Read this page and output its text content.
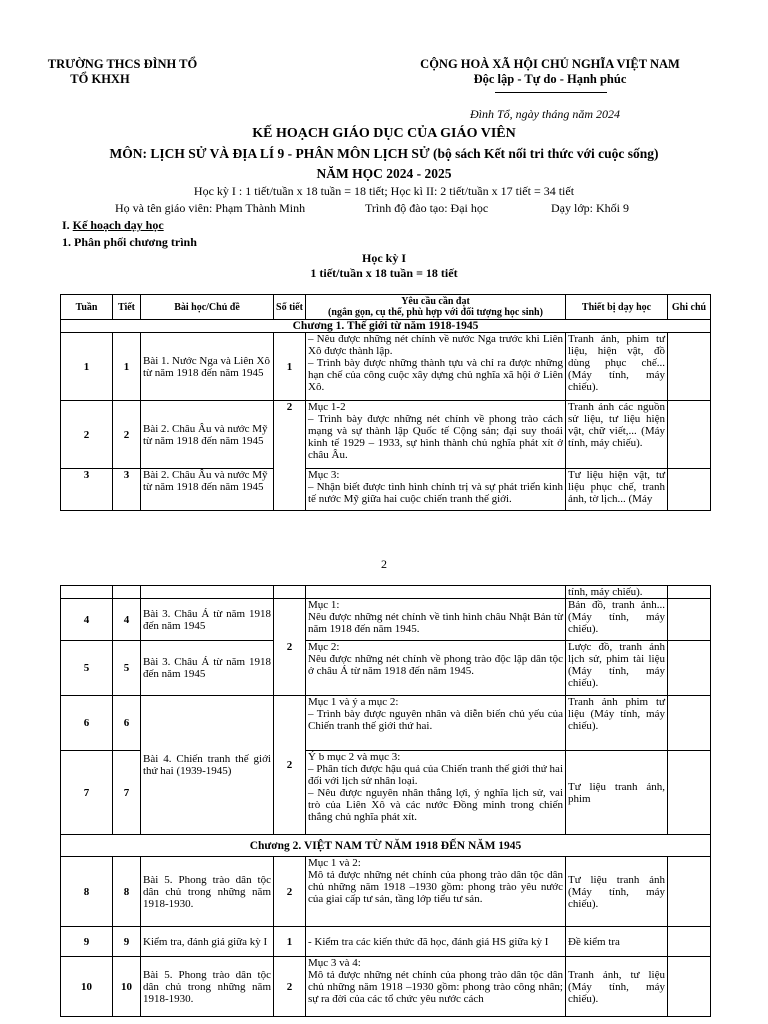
TRƯỜNG THCS ĐÌNH TỔ
TỔ KHXH
CỘNG HOÀ XÃ HỘI CHỦ NGHĨA VIỆT NAM
Độc lập - Tự do - Hạnh phúc
Đình Tổ, ngày tháng năm 2024
KẾ HOẠCH GIÁO DỤC CỦA GIÁO VIÊN
MÔN: LỊCH SỬ VÀ ĐỊA LÍ 9 - PHÂN MÔN LỊCH SỬ (bộ sách Kết nối tri thức với cuộc sống)
NĂM HỌC 2024 - 2025
Học kỳ I : 1 tiết/tuần x 18 tuần = 18 tiết; Học kì II: 2 tiết/tuần x 17 tiết = 34 tiết
Họ và tên giáo viên: Phạm Thành Minh	Trình độ đào tạo: Đại học	Dạy lớp: Khối 9
I. Kế hoạch dạy học
1. Phân phối chương trình
Học kỳ I
1 tiết/tuần x 18 tuần = 18 tiết
Tuần	Tiết	Bài học/Chủ đề	Số tiết	Yêu cầu cần đạt
(ngắn gọn, cụ thể, phù hợp với đối tượng học sinh)	Thiết bị dạy học	Ghi chú
Chương 1. Thế giới từ năm 1918-1945						
1	1	Bài 1. Nước Nga và Liên Xô từ năm 1918 đến năm 1945	1	– Nêu được những nét chính về nước Nga trước khi Liên Xô được thành lập.
– Trình bày được những thành tựu và chỉ ra được những hạn chế của công cuộc xây dựng chủ nghĩa xã hội ở Liên Xô.	Tranh ảnh, phim tư liệu, hiện vật, đồ dùng phục chế... (Máy tính, máy chiếu).	
2	2	Bài 2. Châu Âu và nước Mỹ từ năm 1918 đến năm 1945	2	Mục 1-2
– Trình bày được những nét chính về phong trào cách mạng và sự thành lập Quốc tế Cộng sản; đại suy thoái kinh tế 1929 – 1933, sự hình thành chủ nghĩa phát xít ở châu Âu.	Tranh ảnh các nguồn sử liệu, tư liệu hiện vật, chữ viết,... (Máy tính, máy chiếu).	
3	3	Bài 2. Châu Âu và nước Mỹ từ năm 1918 đến năm 1945		Mục 3:
– Nhận biết được tình hình chính trị và sự phát triển kinh tế nước Mỹ giữa hai cuộc chiến tranh thế giới.	Tư liệu hiện vật, tư liệu phục chế, tranh ảnh, tờ lịch... (Máy	
2
					tính, máy chiếu).	
4	4	Bài 3. Châu Á từ năm 1918 đến năm 1945	2	Mục 1:
Nêu được những nét chính về tình hình châu Nhật Bản từ năm 1918 đến năm 1945.	Bản đồ, tranh ảnh... (Máy tính, máy chiếu).	
5	5	Bài 3. Châu Á từ năm 1918 đến năm 1945		Mục 2:
Nêu được những nét chính về phong trào độc lập dân tộc ở châu Á từ năm 1918 đến năm 1945.	Lược đồ, tranh ảnh lịch sử, phim tài liệu (Máy tính, máy chiếu).	
6	6	Bài 4. Chiến tranh thế giới thứ hai (1939-1945)	2	Mục 1 và ý a mục 2:
– Trình bày được nguyên nhân và diễn biến chủ yếu của Chiến tranh thế giới thứ hai.	Tranh ảnh phim tư liệu (Máy tính, máy chiếu).	
7	7			Ý b mục 2 và mục 3:
– Phân tích được hậu quả của Chiến tranh thế giới thứ hai đối với lịch sử nhân loại.
– Nêu được nguyên nhân thắng lợi, ý nghĩa lịch sử, vai trò của Liên Xô và các nước Đồng minh trong chiến thắng chủ nghĩa phát xít.	Tư liệu tranh ảnh, phim	
Chương 2. VIỆT NAM TỪ NĂM 1918 ĐẾN NĂM 1945						
8	8	Bài 5. Phong trào dân tộc dân chủ trong những năm 1918-1930.	2	Mục 1 và 2:
Mô tả được những nét chính của phong trào dân tộc dân chủ những năm 1918 –1930 gồm: phong trào yêu nước của giai cấp tư sản, tầng lớp tiểu tư sản.	Tư liệu tranh ảnh (Máy tính, máy chiếu).	
9	9	Kiểm tra, đánh giá giữa kỳ I	1	- Kiểm tra các kiến thức đã học, đánh giá HS giữa kỳ I	Đề kiểm tra	
10	10	Bài 5. Phong trào dân tộc dân chủ trong những năm 1918-1930.	2	Mục 3 và 4:
Mô tả được những nét chính của phong trào dân tộc dân chủ những năm 1918 –1930 gồm: phong trào công nhân; sự ra đời của các tổ chức yêu nước cách	Tranh ảnh, tư liệu (Máy tính, máy chiếu).	
